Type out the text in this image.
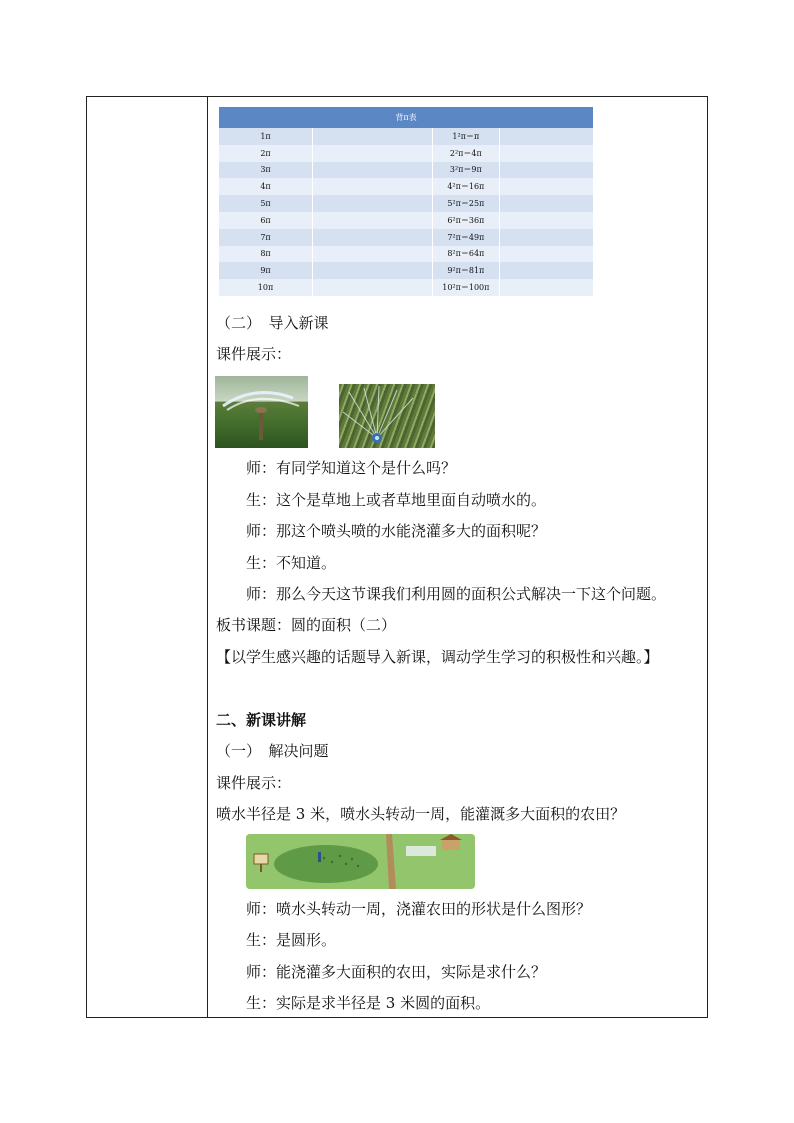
背π表			
1π		1²π＝π	
2π		2²π＝4π	
3π		3²π＝9π	
4π		4²π＝16π	
5π		5²π＝25π	
6π		6²π＝36π	
7π		7²π＝49π	
8π		8²π＝64π	
9π		9²π＝81π	
10π		10²π＝100π	
（二）　导入新课
课件展示：
师：有同学知道这个是什么吗？
生：这个是草地上或者草地里面自动喷水的。
师：那这个喷头喷的水能浇灌多大的面积呢？
生：不知道。
师：那么今天这节课我们利用圆的面积公式解决一下这个问题。
板书课题：圆的面积（二）
【以学生感兴趣的话题导入新课，调动学生学习的积极性和兴趣。】
二、新课讲解
（一）　解决问题
课件展示：
喷水半径是 3 米，喷水头转动一周，能灌溉多大面积的农田？
师：喷水头转动一周，浇灌农田的形状是什么图形？
生：是圆形。
师：能浇灌多大面积的农田，实际是求什么？
生：实际是求半径是 3 米圆的面积。
